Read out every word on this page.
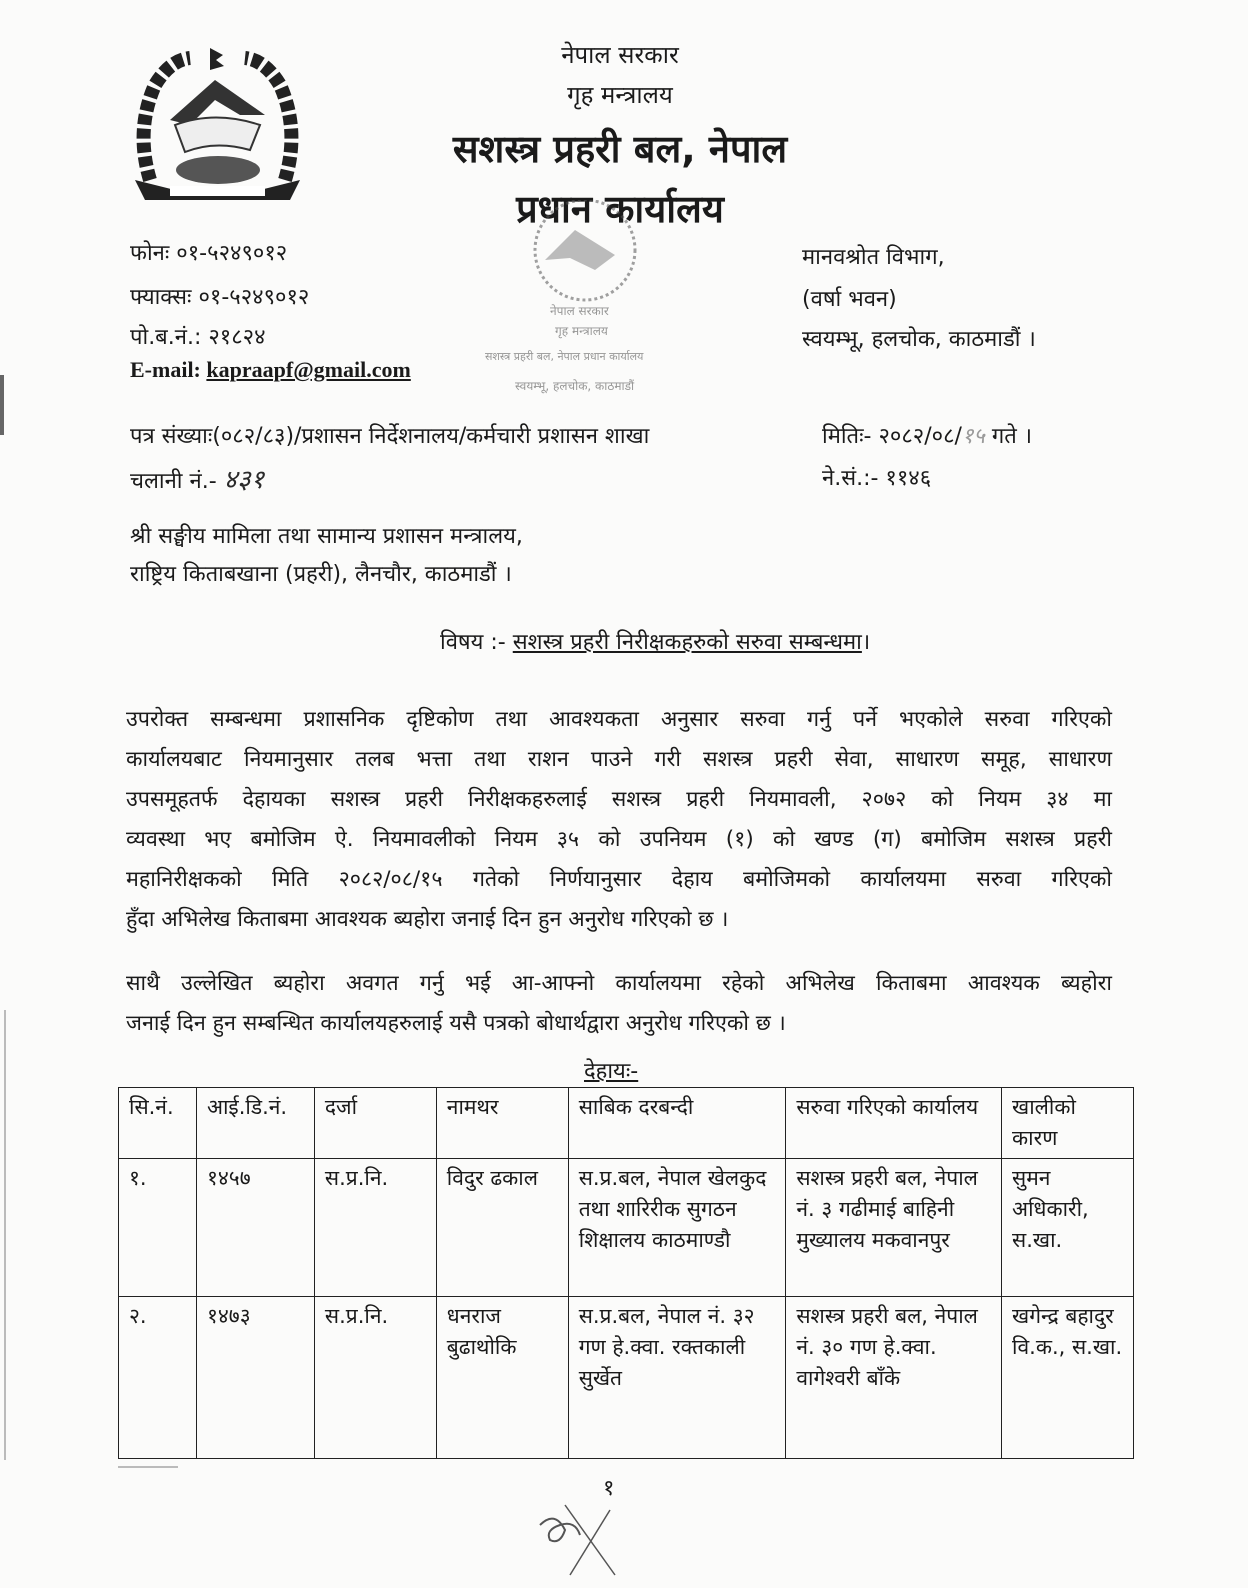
नेपाल सरकार
गृह मन्त्रालय
सशस्त्र प्रहरी बल, नेपाल
प्रधान कार्यालय
नेपाल सरकार
गृह मन्त्रालय
सशस्त्र प्रहरी बल, नेपाल प्रधान कार्यालय
स्वयम्भू, हलचोक, काठमाडौं
फोनः ०१-५२४९०१२
फ्याक्सः ०१-५२४९०१२
पो.ब.नं.: २१८२४
E-mail: kapraapf@gmail.com
मानवश्रोत विभाग,
(वर्षा भवन)
स्वयम्भू, हलचोक, काठमाडौं ।
पत्र संख्याः(०८२/८३)/प्रशासन निर्देशनालय/कर्मचारी प्रशासन शाखा
चलानी नं.- ४३१
मितिः- २०८२/०८/१५ गते ।
ने.सं.:- ११४६
श्री सङ्घीय मामिला तथा सामान्य प्रशासन मन्त्रालय,
राष्ट्रिय किताबखाना (प्रहरी), लैनचौर, काठमाडौं ।
विषय :- सशस्त्र प्रहरी निरीक्षकहरुको सरुवा सम्बन्धमा।
उपरोक्त सम्बन्धमा प्रशासनिक दृष्टिकोण तथा आवश्यकता अनुसार सरुवा गर्नु पर्ने भएकोले सरुवा गरिएको
कार्यालयबाट नियमानुसार तलब भत्ता तथा राशन पाउने गरी सशस्त्र प्रहरी सेवा, साधारण समूह, साधारण
उपसमूहतर्फ देहायका सशस्त्र प्रहरी निरीक्षकहरुलाई सशस्त्र प्रहरी नियमावली, २०७२ को नियम ३४ मा
व्यवस्था भए बमोजिम ऐ. नियमावलीको नियम ३५ को उपनियम (१) को खण्ड (ग) बमोजिम सशस्त्र प्रहरी
महानिरीक्षकको मिति २०८२/०८/१५ गतेको निर्णयानुसार देहाय बमोजिमको कार्यालयमा सरुवा गरिएको
हुँदा अभिलेख किताबमा आवश्यक ब्यहोरा जनाई दिन हुन अनुरोध गरिएको छ ।
साथै उल्लेखित ब्यहोरा अवगत गर्नु भई आ-आफ्नो कार्यालयमा रहेको अभिलेख किताबमा आवश्यक ब्यहोरा
जनाई दिन हुन सम्बन्धित कार्यालयहरुलाई यसै पत्रको बोधार्थद्वारा अनुरोध गरिएको छ ।
देहायः-
सि.नं.	आई.डि.नं.	दर्जा	नामथर	साबिक दरबन्दी	सरुवा गरिएको कार्यालय	खालीको कारण
१.	१४५७	स.प्र.नि.	विदुर ढकाल	स.प्र.बल, नेपाल खेलकुद तथा शारिरीक सुगठन शिक्षालय काठमाण्डौ	सशस्त्र प्रहरी बल, नेपाल नं. ३ गढीमाई बाहिनी मुख्यालय मकवानपुर	सुमन अधिकारी, स.खा.
२.	१४७३	स.प्र.नि.	धनराज बुढाथोकि	स.प्र.बल, नेपाल नं. ३२ गण हे.क्वा. रक्तकाली सुर्खेत	सशस्त्र प्रहरी बल, नेपाल नं. ३० गण हे.क्वा. वागेश्वरी बाँके	खगेन्द्र बहादुर वि.क., स.खा.
१
